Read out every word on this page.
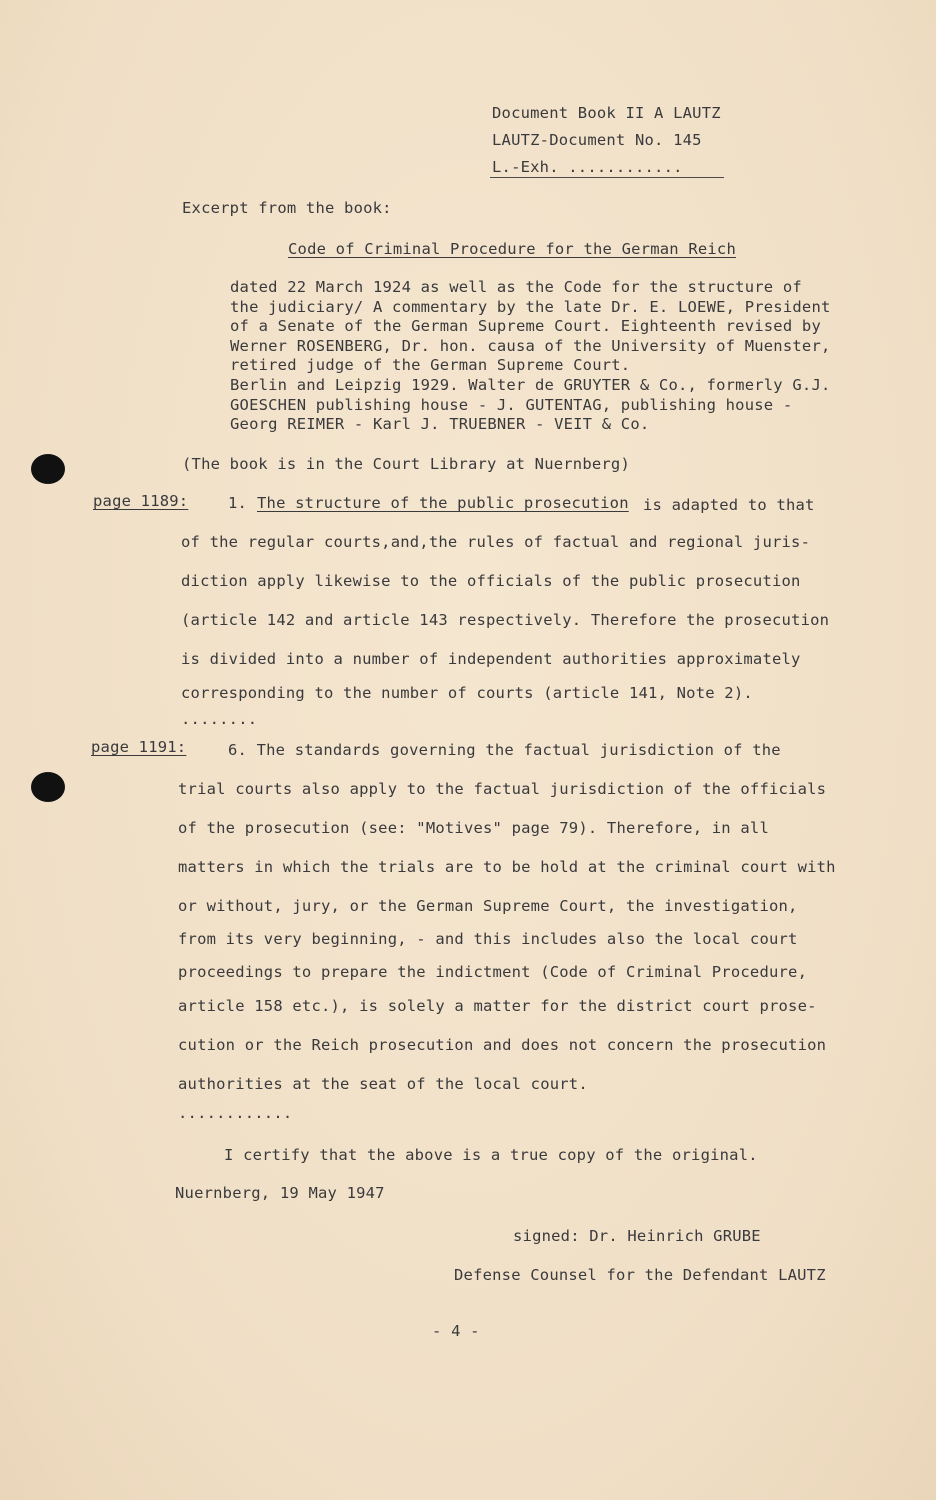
Document Book II A LAUTZ
LAUTZ-Document No. 145
L.-Exh. ............
Excerpt from the book:
Code of Criminal Procedure for the German Reich
dated 22 March 1924 as well as the Code for the structure of
the judiciary/ A commentary by the late Dr. E. LOEWE, President
of a Senate of the German Supreme Court. Eighteenth revised by
Werner ROSENBERG, Dr. hon. causa of the University of Muenster,
retired judge of the German Supreme Court.
Berlin and Leipzig 1929. Walter de GRUYTER & Co., formerly G.J.
GOESCHEN publishing house - J. GUTENTAG, publishing house -
Georg REIMER - Karl J. TRUEBNER - VEIT & Co.
(The book is in the Court Library at Nuernberg)
page 1189:	1. The structure of the public prosecution is adapted to that
of the regular courts,and,the rules of factual and regional juris-
diction apply likewise to the officials of the public prosecution
(article 142 and article 143 respectively. Therefore the prosecution
is divided into a number of independent authorities approximately
corresponding to the number of courts (article 141, Note 2).
........
page 1191:	6. The standards governing the factual jurisdiction of the
trial courts also apply to the factual jurisdiction of the officials
of the prosecution (see: "Motives" page 79). Therefore, in all
matters in which the trials are to be hold at the criminal court with
or without, jury, or the German Supreme Court, the investigation,
from its very beginning, - and this includes also the local court
proceedings to prepare the indictment (Code of Criminal Procedure,
article 158 etc.), is solely a matter for the district court prose-
cution or the Reich prosecution and does not concern the prosecution
authorities at the seat of the local court.
............
I certify that the above is a true copy of the original.
Nuernberg, 19 May 1947
signed: Dr. Heinrich GRUBE
Defense Counsel for the Defendant LAUTZ
- 4 -
